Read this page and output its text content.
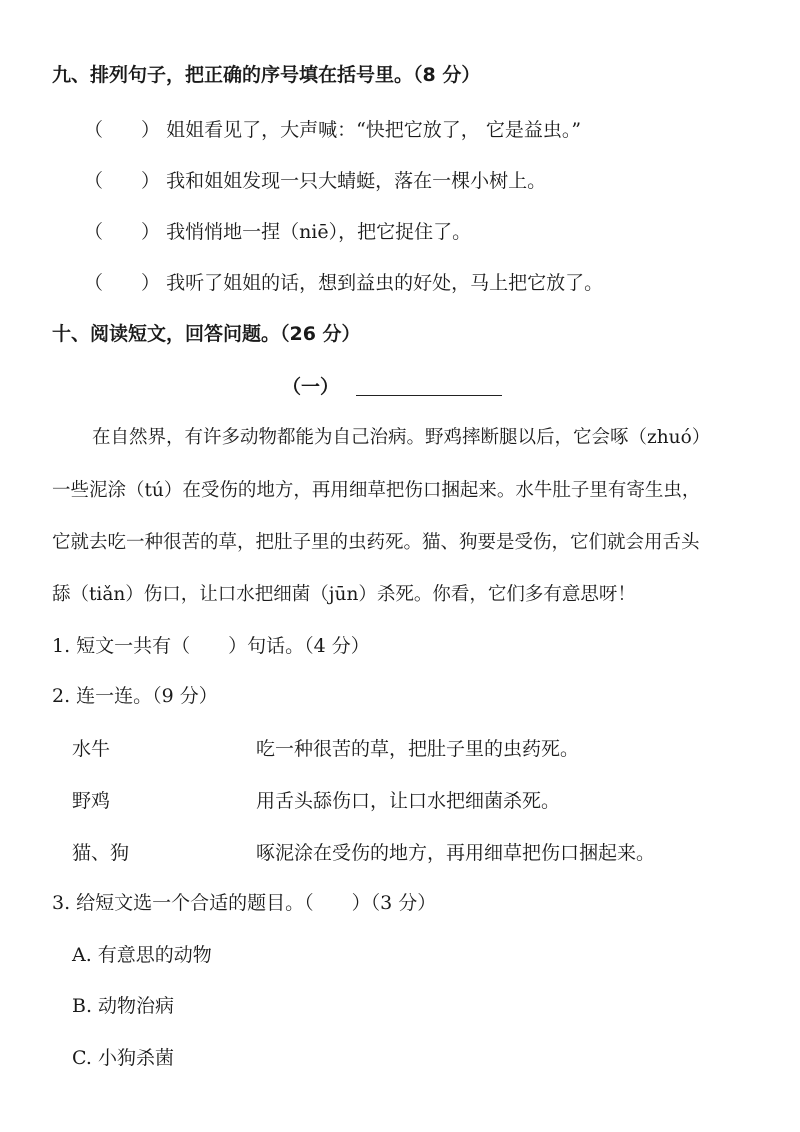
九、排列句子，把正确的序号填在括号里。（8 分）
（　　） 姐姐看见了，大声喊：“快把它放了， 它是益虫。”
（　　） 我和姐姐发现一只大蜻蜓，落在一棵小树上。
（　　） 我悄悄地一捏（niē），把它捉住了。
（　　） 我听了姐姐的话，想到益虫的好处，马上把它放了。
十、阅读短文，回答问题。（26 分）
（一）
在自然界，有许多动物都能为自己治病。野鸡摔断腿以后，它会啄（zhuó）
一些泥涂（tú）在受伤的地方，再用细草把伤口捆起来。水牛肚子里有寄生虫，
它就去吃一种很苦的草，把肚子里的虫药死。猫、狗要是受伤，它们就会用舌头
舔（tiǎn）伤口，让口水把细菌（jūn）杀死。你看，它们多有意思呀！
1. 短文一共有（　　）句话。（4 分）
2. 连一连。（9 分）
水牛	吃一种很苦的草，把肚子里的虫药死。
野鸡	用舌头舔伤口，让口水把细菌杀死。
猫、狗	啄泥涂在受伤的地方，再用细草把伤口捆起来。
3. 给短文选一个合适的题目。（　　）（3 分）
A. 有意思的动物
B. 动物治病
C. 小狗杀菌
